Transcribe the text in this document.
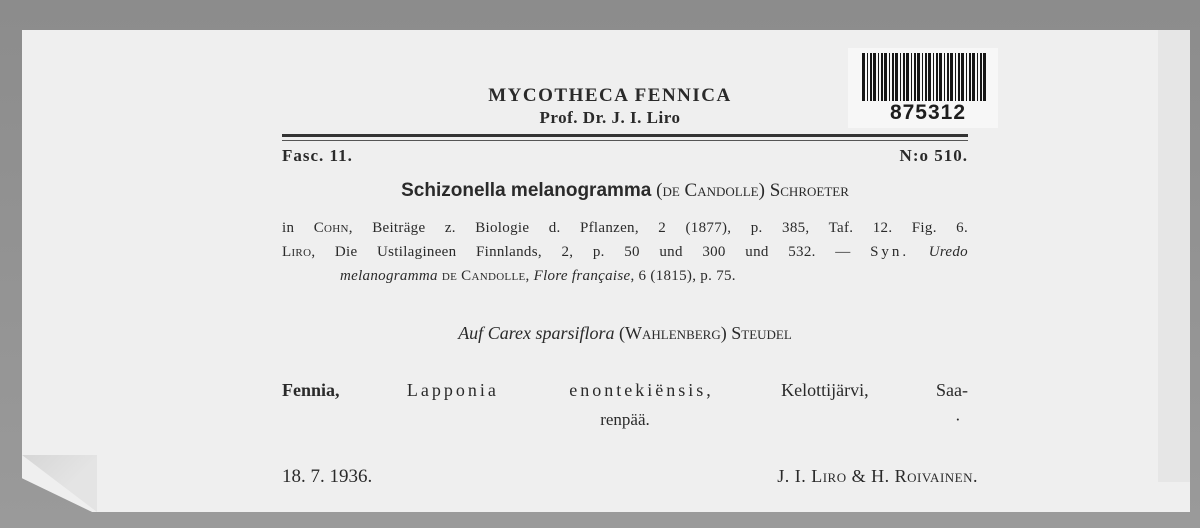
875312

MYCOTHECA FENNICA

Prof. Dr. J. I. Liro

Fasc. 11.	N:o 510.

Schizonella melanogramma (de Candolle) Schroeter

in Cohn, Beiträge z. Biologie d. Pflanzen, 2 (1877), p. 385, Taf. 12. Fig. 6.

Liro, Die Ustilagineen Finnlands, 2, p. 50 und 300 und 532. — Syn. Uredo

melanogramma de Candolle, Flore française, 6 (1815), p. 75.

Auf Carex sparsiflora (Wahlenberg) Steudel

Fennia,	Lapponia enontekiënsis,	Kelottijärvi,	Saa-

renpää.	·

18. 7. 1936.	J. I. Liro & H. Roivainen.
